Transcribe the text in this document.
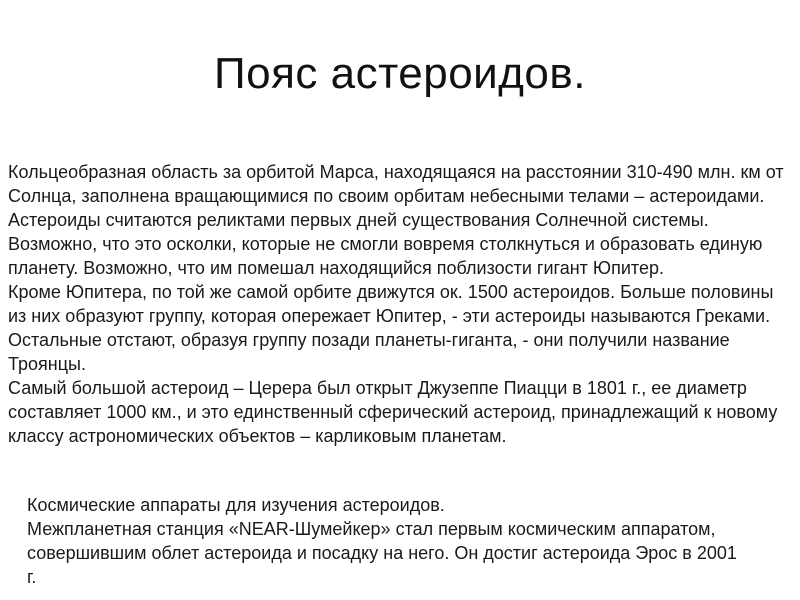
Пояс астероидов.

Кольцеобразная область за орбитой Марса, находящаяся на расстоянии 310-490 млн. км от Солнца, заполнена вращающимися по своим орбитам небесными телами – астероидами.

Астероиды считаются реликтами первых дней существования Солнечной системы. Возможно, что это осколки, которые не смогли вовремя столкнуться и образовать единую планету. Возможно, что им помешал находящийся поблизости гигант Юпитер.

Кроме Юпитера, по той же самой орбите движутся ок. 1500 астероидов. Больше половины из них образуют группу, которая опережает Юпитер, - эти астероиды называются Греками. Остальные отстают, образуя группу позади планеты-гиганта, - они получили название Троянцы.

Самый большой астероид – Церера был открыт Джузеппе Пиацци в 1801 г., ее диаметр составляет 1000 км., и это единственный сферический астероид, принадлежащий к новому классу астрономических объектов – карликовым планетам.

Космические аппараты для изучения астероидов.

Межпланетная станция «NEAR-Шумейкер» стал первым космическим аппаратом, совершившим облет астероида и посадку на него. Он достиг астероида Эрос в 2001 г.
